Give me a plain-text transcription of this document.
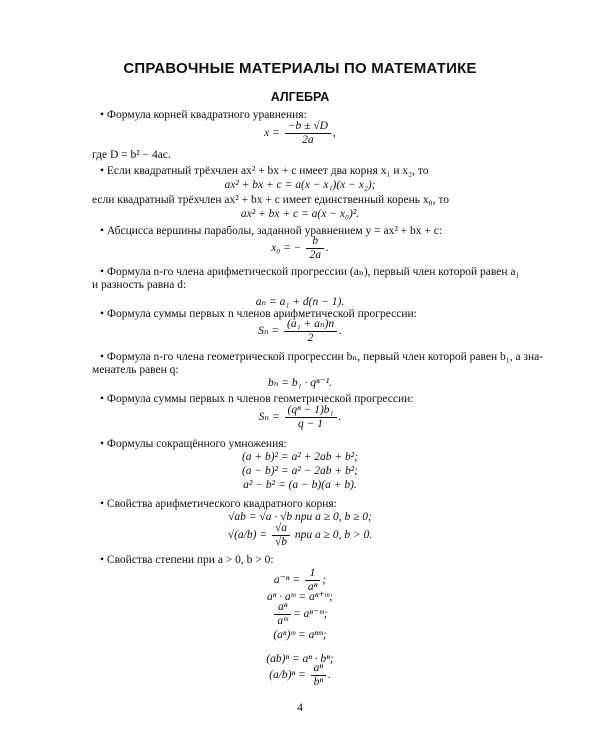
СПРАВОЧНЫЕ МАТЕРИАЛЫ ПО МАТЕМАТИКЕ
АЛГЕБРА
• Формула корней квадратного уравнения:
$x = \frac{-b \pm √D}{2a}$ ,
где D = b² − 4ac.
• Если квадратный трёхчлен ax² + bx + c имеет два корня x₁ и x₂, то
ax² + bx + c = a(x − x₁)(x − x₂);
если квадратный трёхчлен ax² + bx + c имеет единственный корень x₀, то
ax² + bx + c = a(x − x₀)².
• Абсцисса вершины параболы, заданной уравнением y = ax² + bx + c:
x₀ = − $\frac{b}{2a}$ .
• Формула n-го члена арифметической прогрессии (aₙ), первый член которой равен a₁
и разность равна d:
aₙ = a₁ + d(n − 1).
• Формула суммы первых n членов арифметической прогрессии:
$S_n = \frac{\text{(a₁ + aₙ)n}}{2}$ .
• Формула n-го члена геометрической прогрессии bₙ, первый член которой равен b₁, а зна-
менатель равен q:
bₙ = b₁ · qⁿ⁻¹.
• Формула суммы первых n членов геометрической прогрессии:
$S_n = \frac{\text{(qⁿ − 1)b₁}}{q - 1}$ .
• Формулы сокращённого умножения:
(a + b)² = a² + 2ab + b²;
(a − b)² = a² − 2ab + b²;
a² − b² = (a − b)(a + b).
• Свойства арифметического квадратного корня:
√ab = √a · √b при a ≥ 0, b ≥ 0;
$√(a/b) = \frac{√a}{√b}$ при a ≥ 0, b > 0.
• Свойства степени при a > 0, b > 0:
$a^{-n} = \frac{1}{\text{aⁿ}}$ ;
aⁿ · aᵐ = aⁿ⁺ᵐ;
$\frac{\text{aⁿ}}{\text{aᵐ}}$ = aⁿ⁻ᵐ;
(aⁿ)ᵐ = aⁿᵐ;
(ab)ⁿ = aⁿ · bⁿ;
$(a/b)^n = \frac{\text{aⁿ}}{\text{bⁿ}}$ .
4
